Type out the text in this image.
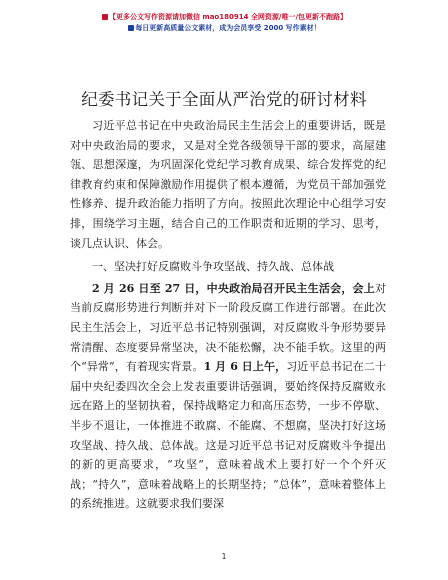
【更多公文写作资源请加微信 mao180914 全网资源/唯一/包更新不跑路】
每日更新高质量公文素材，成为会员享受 2000 写作素材！
纪委书记关于全面从严治党的研讨材料

习近平总书记在中央政治局民主生活会上的重要讲话，既是对中央政治局的要求，又是对全党各级领导干部的要求，高屋建瓴、思想深邃，为巩固深化党纪学习教育成果、综合发挥党的纪律教育约束和保障激励作用提供了根本遵循，为党员干部加强党性修养、提升政治能力指明了方向。按照此次理论中心组学习安排，围绕学习主题，结合自己的工作职责和近期的学习、思考，谈几点认识、体会。

一、坚决打好反腐败斗争攻坚战、持久战、总体战

2 月 26 日至 27 日，中央政治局召开民主生活会，会上对当前反腐形势进行判断并对下一阶段反腐工作进行部署。在此次民主生活会上，习近平总书记特别强调，对反腐败斗争形势要异常清醒、态度要异常坚决，决不能松懈，决不能手软。这里的两个“异常”，有着现实背景。1 月 6 日上午，习近平总书记在二十届中央纪委四次全会上发表重要讲话强调，要始终保持反腐败永远在路上的坚韧执着，保持战略定力和高压态势，一步不停歇、半步不退让，一体推进不敢腐、不能腐、不想腐，坚决打好这场攻坚战、持久战、总体战。这是习近平总书记对反腐败斗争提出的新的更高要求，“攻坚”，意味着战术上要打好一个个歼灭战；“持久”，意味着战略上的长期坚持；“总体”，意味着整体上的系统推进。这就要求我们要深

1
